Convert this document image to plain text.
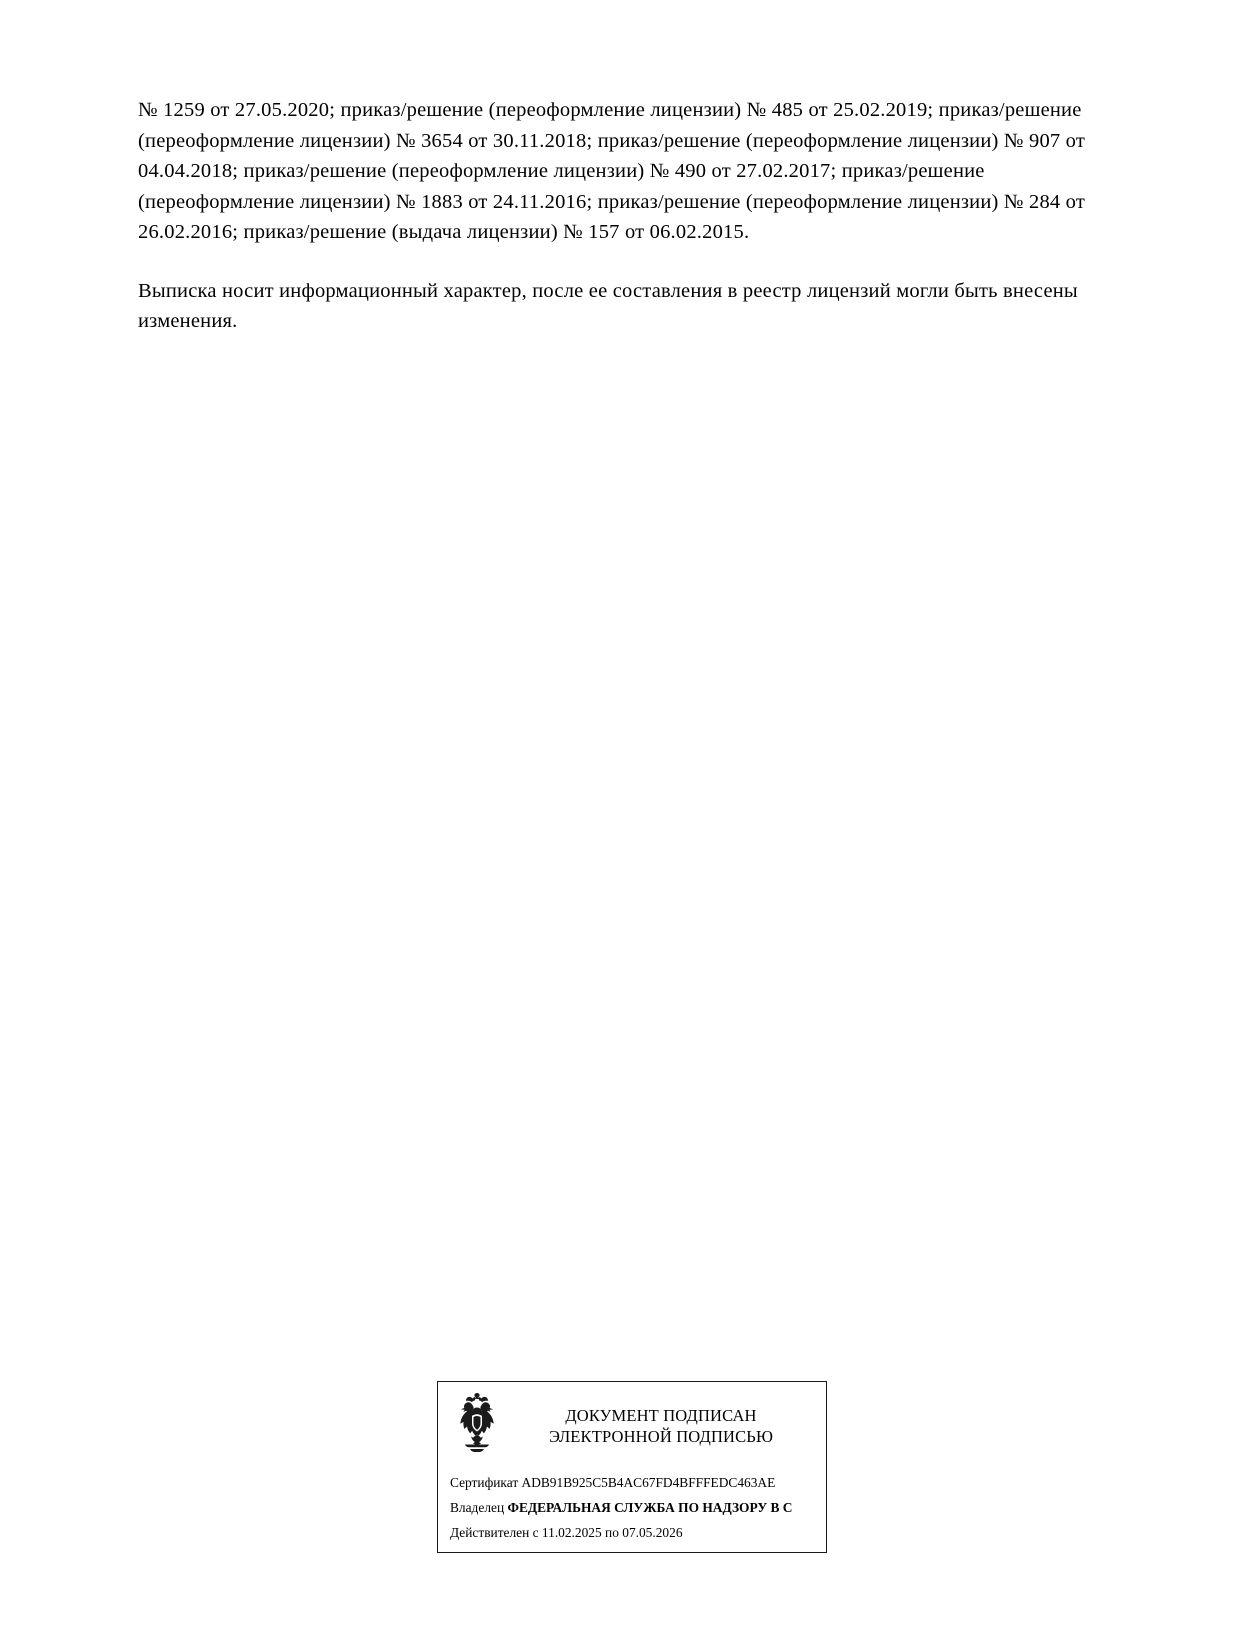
№ 1259 от 27.05.2020; приказ/решение (переоформление лицензии) № 485 от 25.02.2019; приказ/решение (переоформление лицензии) № 3654 от 30.11.2018; приказ/решение (переоформление лицензии) № 907 от 04.04.2018; приказ/решение (переоформление лицензии) № 490 от 27.02.2017; приказ/решение (переоформление лицензии) № 1883 от 24.11.2016; приказ/решение (переоформление лицензии) № 284 от 26.02.2016; приказ/решение (выдача лицензии) № 157 от 06.02.2015.

Выписка носит информационный характер, после ее составления в реестр лицензий могли быть внесены изменения.

ДОКУМЕНТ ПОДПИСАН
ЭЛЕКТРОННОЙ ПОДПИСЬЮ
Сертификат ADB91B925C5B4AC67FD4BFFFEDC463AE
Владелец ФЕДЕРАЛЬНАЯ СЛУЖБА ПО НАДЗОРУ В С
Действителен с 11.02.2025 по 07.05.2026
